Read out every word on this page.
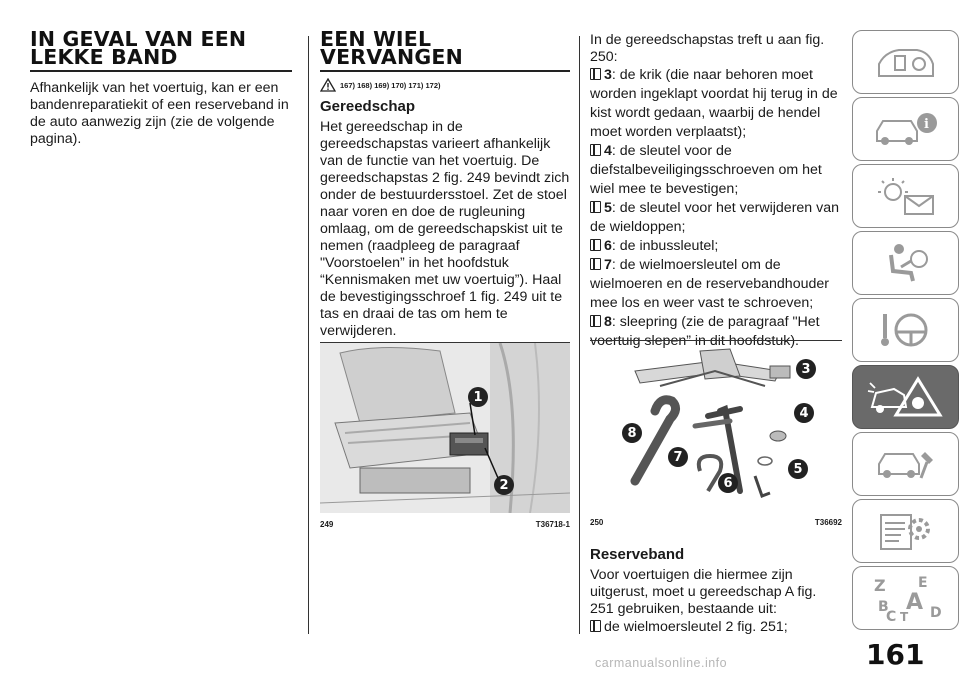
IN GEVAL VAN EEN
LEKKE BAND

Afhankelijk van het voertuig, kan er een bandenreparatiekit of een reserveband in de auto aanwezig zijn (zie de volgende pagina).

EEN WIEL
VERVANGEN
167) 168) 169) 170) 171) 172)
Gereedschap

Het gereedschap in de gereedschapstas varieert afhankelijk van de functie van het voertuig. De gereedschapstas 2 fig. 249 bevindt zich onder de bestuurdersstoel. Zet de stoel naar voren en doe de rugleuning omlaag, om de gereedschapskist uit te nemen (raadpleeg de paragraaf "Voorstoelen” in het hoofdstuk “Kennismaken met uw voertuig”). Haal de bevestigingsschroef 1 fig. 249 uit te tas en draai de tas om hem te verwijderen.

1
2
249	T36718-1

In de gereedschapstas treft u aan fig. 250:

3: de krik (die naar behoren moet worden ingeklapt voordat hij terug in de kist wordt gedaan, waarbij de hendel moet worden verplaatst);
4: de sleutel voor de diefstalbeveiligingsschroeven om het wiel mee te bevestigen;
5: de sleutel voor het verwijderen van de wieldoppen;
6: de inbussleutel;
7: de wielmoersleutel om de wielmoeren en de reservebandhouder mee los en weer vast te schroeven;
8: sleepring (zie de paragraaf "Het voertuig slepen” in dit hoofdstuk).
3
4
5
6
7
8
250	T36692
Reserveband

Voor voertuigen die hiermee zijn uitgerust, moet u gereedschap A fig. 251 gebruiken, bestaande uit:

de wielmoersleutel 2 fig. 251;
i
Z E
A
B
C D
T
161
carmanualsonline.info
